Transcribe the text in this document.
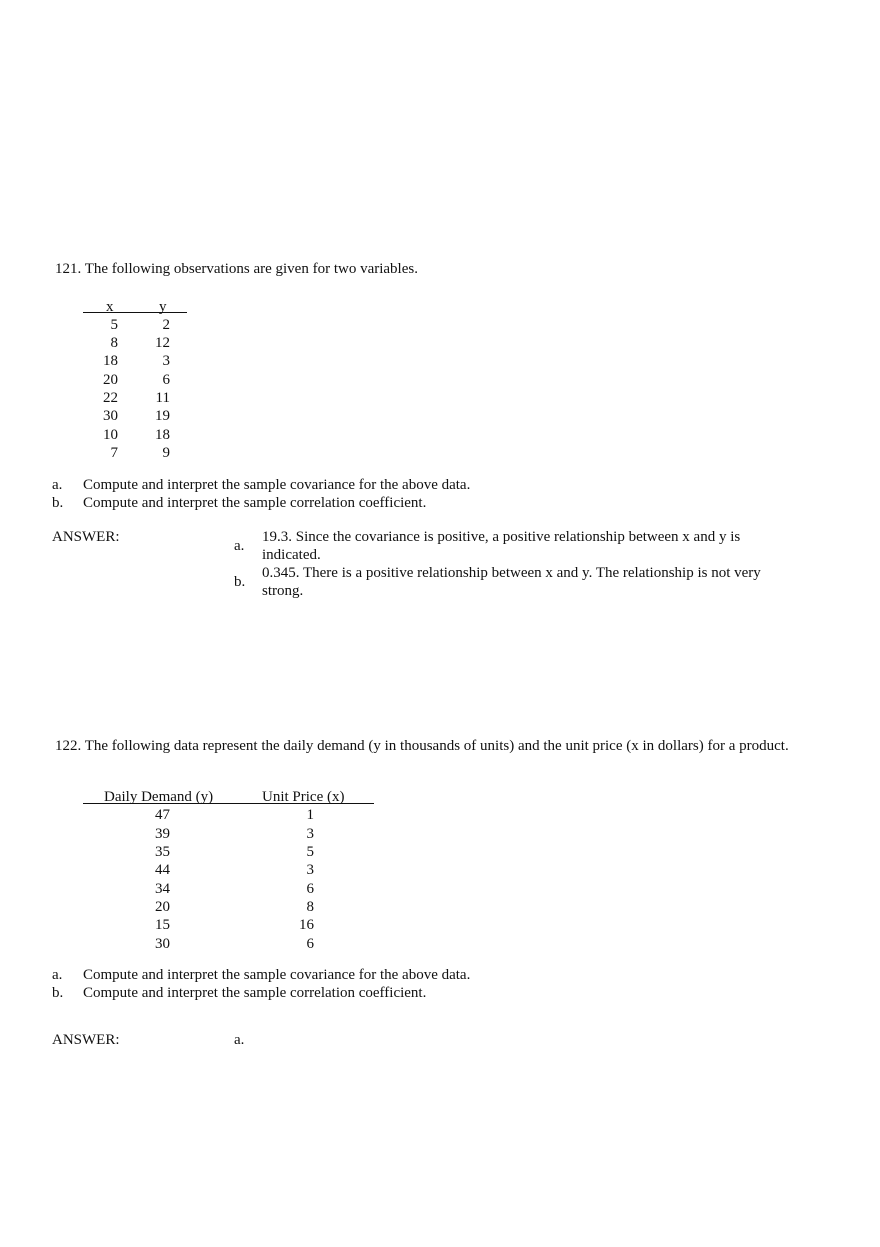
121. The following observations are given for two variables.
x	y
5	2
8	12
18	3
20	6
22	11
30	19
10	18
7	9
a. Compute and interpret the sample covariance for the above data.
b. Compute and interpret the sample correlation coefficient.
ANSWER:
a.
19.3. Since the covariance is positive, a positive relationship between x and y is
indicated.
b.
0.345. There is a positive relationship between x and y. The relationship is not very
strong.
122. The following data represent the daily demand (y in thousands of units) and the unit price (x in dollars) for a product.
Daily Demand (y)	Unit Price (x)
47	1
39	3
35	5
44	3
34	6
20	8
15	16
30	6
a. Compute and interpret the sample covariance for the above data.
b. Compute and interpret the sample correlation coefficient.
ANSWER:	a.
